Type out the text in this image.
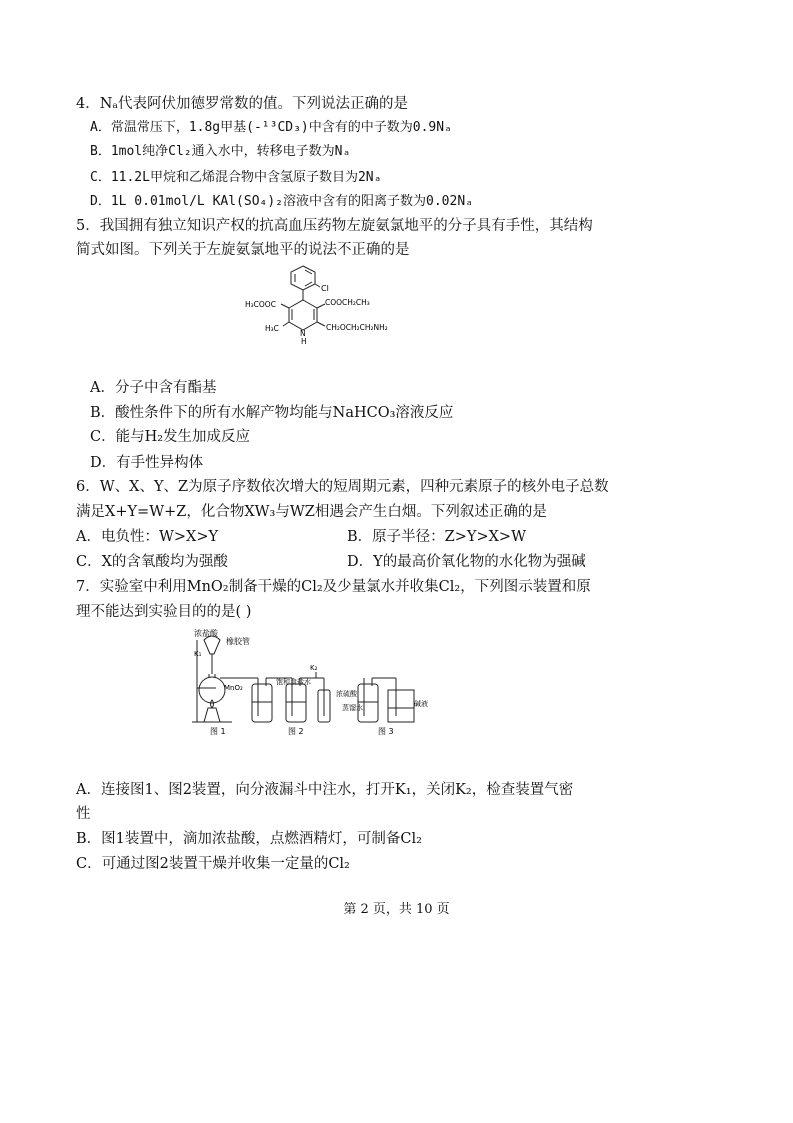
4．Nₐ代表阿伏加德罗常数的值。下列说法正确的是
A．常温常压下，1.8g甲基(-¹³CD₃)中含有的中子数为0.9Nₐ
B．1mol纯净Cl₂通入水中，转移电子数为Nₐ
C．11.2L甲烷和乙烯混合物中含氢原子数目为2Nₐ
D．1L 0.01mol/L KAl(SO₄)₂溶液中含有的阳离子数为0.02Nₐ
5．我国拥有独立知识产权的抗高血压药物左旋氨氯地平的分子具有手性，其结构
简式如图。下列关于左旋氨氯地平的说法不正确的是
Cl
H₃COOC	COOCH₂CH₃
H₃C	CH₂OCH₂CH₂NH₂
N
H
A．分子中含有酯基
B．酸性条件下的所有水解产物均能与NaHCO₃溶液反应
C．能与H₂发生加成反应
D．有手性异构体
6．W、X、Y、Z为原子序数依次增大的短周期元素，四种元素原子的核外电子总数
满足X+Y=W+Z，化合物XW₃与WZ相遇会产生白烟。下列叙述正确的是
A．电负性：W>X>Y	B．原子半径：Z>Y>X>W
C．X的含氧酸均为强酸	D．Y的最高价氧化物的水化物为强碱
7．实验室中利用MnO₂制备干燥的Cl₂及少量氯水并收集Cl₂，下列图示装置和原
理不能达到实验目的的是( )
浓盐酸
橡胶管
K₁
MnO₂
K₂
饱和食盐水
浓硫酸
蒸馏水	碱液
图 1	图 2	图 3
A．连接图1、图2装置，向分液漏斗中注水，打开K₁，关闭K₂，检查装置气密
性
B．图1装置中，滴加浓盐酸，点燃酒精灯，可制备Cl₂
C．可通过图2装置干燥并收集一定量的Cl₂
第 2 页，共 10 页
